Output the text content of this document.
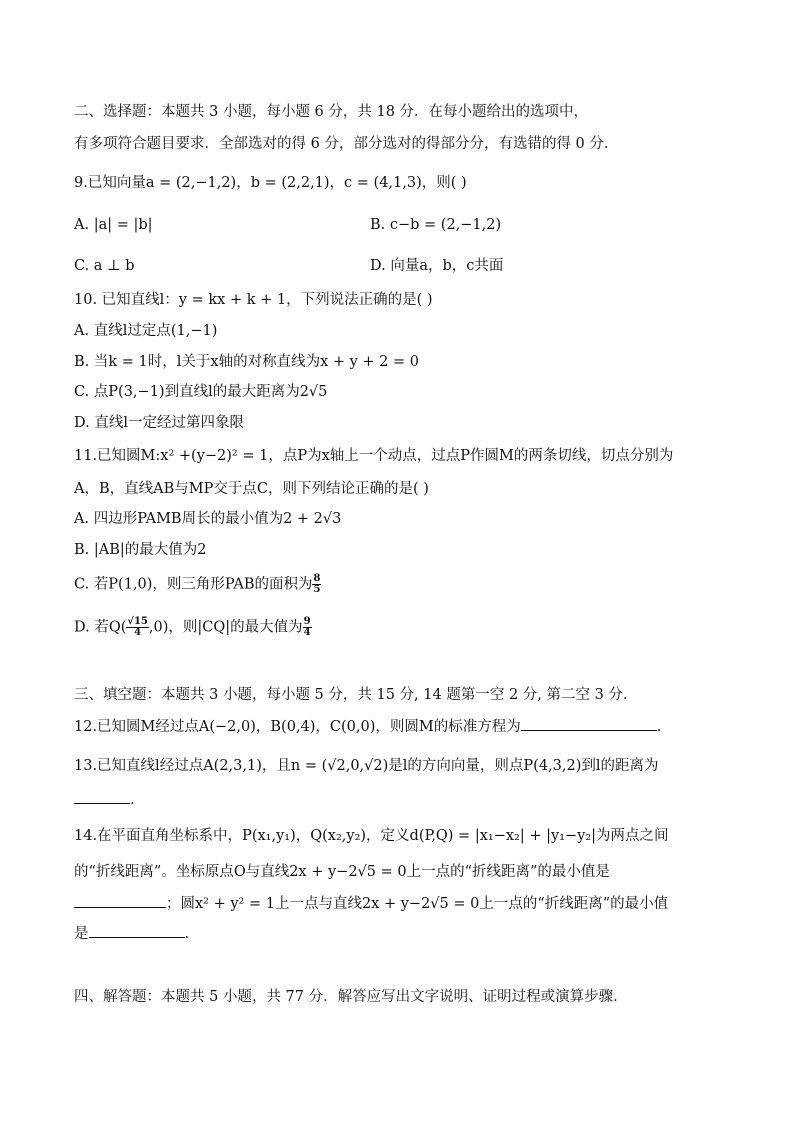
二、选择题：本题共 3 小题，每小题 6 分，共 18 分．在每小题给出的选项中，
有多项符合题目要求．全部选对的得 6 分，部分选对的得部分分，有选错的得 0 分．
9.已知向量a = (2,−1,2)，b = (2,2,1)，c = (4,1,3)，则( )
A. |a| = |b|	B. c−b = (2,−1,2)
C. a ⊥ b	D. 向量a，b，c共面
10. 已知直线l：y = kx + k + 1，下列说法正确的是( )
A. 直线l过定点(1,−1)
B. 当k = 1时，l关于x轴的对称直线为x + y + 2 = 0
C. 点P(3,−1)到直线l的最大距离为2√5
D. 直线l一定经过第四象限
11.已知圆M:x² +(y−2)² = 1，点P为x轴上一个动点，过点P作圆M的两条切线，切点分别为
A，B，直线AB与MP交于点C，则下列结论正确的是( )
A. 四边形PAMB周长的最小值为2 + 2√3
B. |AB|的最大值为2
C. 若P(1,0)，则三角形PAB的面积为 $\frac{8}{5}$
D. 若$Q( \frac{√15}{4} ,0)$，则|CQ|的最大值为 $\frac{9}{4}$
三、填空题：本题共 3 小题，每小题 5 分，共 15 分, 14 题第一空 2 分, 第二空 3 分．
12.已知圆M经过点A(−2,0)，B(0,4)，C(0,0)，则圆M的标准方程为	.
13.已知直线l经过点A(2,3,1)，且n = (√2,0,√2)是l的方向向量，则点P(4,3,2)到l的距离为
.
14.在平面直角坐标系中，P(x₁,y₁)，Q(x₂,y₂)，定义d(P,Q) = |x₁−x₂| + |y₁−y₂|为两点之间
的“折线距离”。坐标原点O与直线2x + y−2√5 = 0上一点的“折线距离”的最小值是
；圆x² + y² = 1上一点与直线2x + y−2√5 = 0上一点的“折线距离”的最小值
是	.
四、解答题：本题共 5 小题，共 77 分．解答应写出文字说明、证明过程或演算步骤．
